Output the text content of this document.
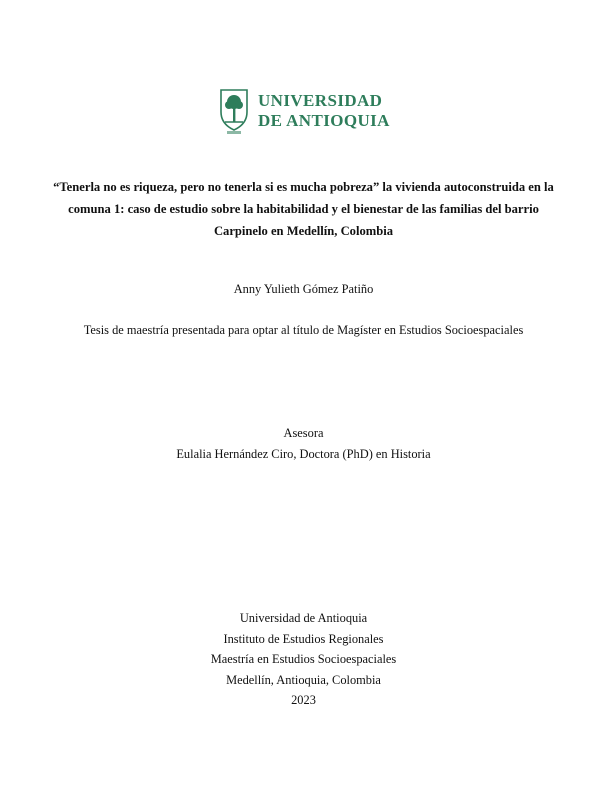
UNIVERSIDAD
DE ANTIOQUIA
“Tenerla no es riqueza, pero no tenerla si es mucha pobreza” la vivienda autoconstruida en la comuna 1: caso de estudio sobre la habitabilidad y el bienestar de las familias del barrio Carpinelo en Medellín, Colombia
Anny Yulieth Gómez Patiño
Tesis de maestría presentada para optar al título de Magíster en Estudios Socioespaciales
Asesora
Eulalia Hernández Ciro, Doctora (PhD) en Historia
Universidad de Antioquia
Instituto de Estudios Regionales
Maestría en Estudios Socioespaciales
Medellín, Antioquia, Colombia
2023
